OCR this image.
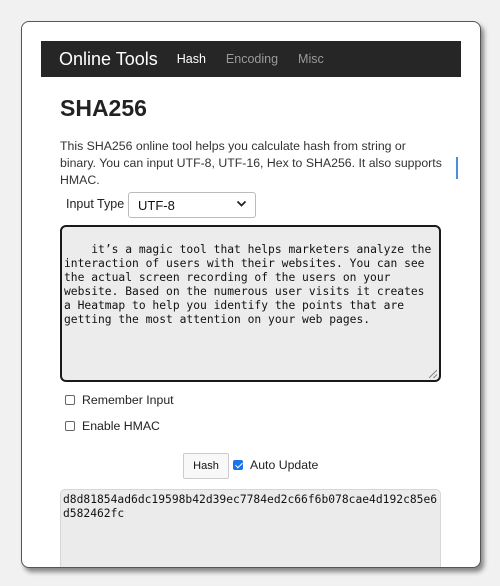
Online Tools Hash Encoding Misc
SHA256
This SHA256 online tool helps you calculate hash from string or binary. You can input UTF-8, UTF-16, Hex to SHA256. It also supports HMAC.
Input Type UTF-8

it’s a magic tool that helps marketers analyze the interaction of users with their websites. You can see the actual screen recording of the users on your website. Based on the numerous user visits it creates a Heatmap to help you identify the points that are getting the most attention on your web pages.

Remember Input
Enable HMAC
Hash	Auto Update
d8d81854ad6dc19598b42d39ec7784ed2c66f6b078cae4d192c85e6d582462fc
